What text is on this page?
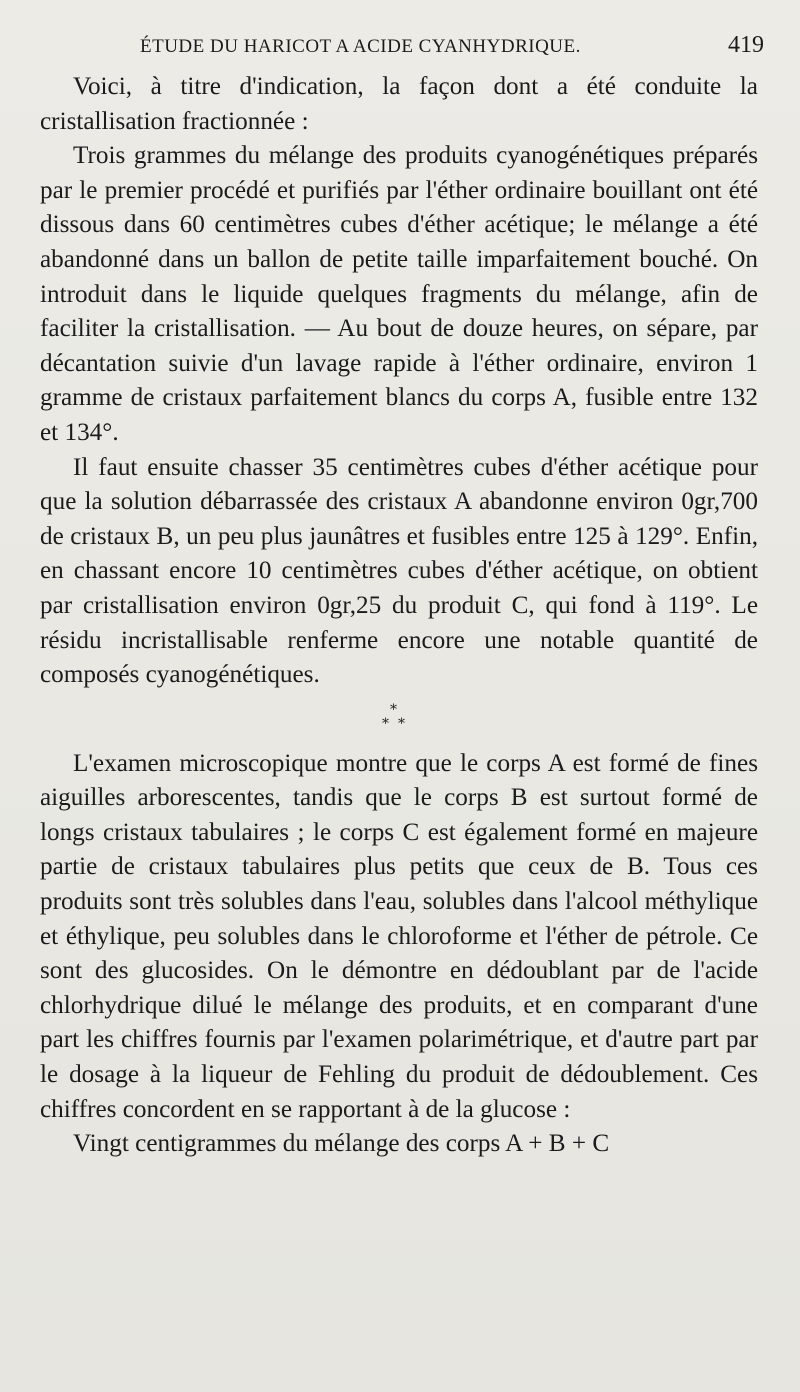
ÉTUDE DU HARICOT A ACIDE CYANHYDRIQUE.	419

Voici, à titre d'indication, la façon dont a été conduite la cristallisation fractionnée :

Trois grammes du mélange des produits cyanogénétiques préparés par le premier procédé et purifiés par l'éther ordinaire bouillant ont été dissous dans 60 centimètres cubes d'éther acétique; le mélange a été abandonné dans un ballon de petite taille imparfaitement bouché. On introduit dans le liquide quelques fragments du mélange, afin de faciliter la cristallisation. — Au bout de douze heures, on sépare, par décantation suivie d'un lavage rapide à l'éther ordinaire, environ 1 gramme de cristaux parfaitement blancs du corps A, fusible entre 132 et 134°.

Il faut ensuite chasser 35 centimètres cubes d'éther acétique pour que la solution débarrassée des cristaux A abandonne environ 0gr,700 de cristaux B, un peu plus jaunâtres et fusibles entre 125 à 129°. Enfin, en chassant encore 10 centimètres cubes d'éther acétique, on obtient par cristallisation environ 0gr,25 du produit C, qui fond à 119°. Le résidu incristallisable renferme encore une notable quantité de composés cyanogénétiques.

*
* *

L'examen microscopique montre que le corps A est formé de fines aiguilles arborescentes, tandis que le corps B est surtout formé de longs cristaux tabulaires ; le corps C est également formé en majeure partie de cristaux tabulaires plus petits que ceux de B. Tous ces produits sont très solubles dans l'eau, solubles dans l'alcool méthylique et éthylique, peu solubles dans le chloroforme et l'éther de pétrole. Ce sont des glucosides. On le démontre en dédoublant par de l'acide chlorhydrique dilué le mélange des produits, et en comparant d'une part les chiffres fournis par l'examen polarimétrique, et d'autre part par le dosage à la liqueur de Fehling du produit de dédoublement. Ces chiffres concordent en se rapportant à de la glucose :

Vingt centigrammes du mélange des corps A + B + C
